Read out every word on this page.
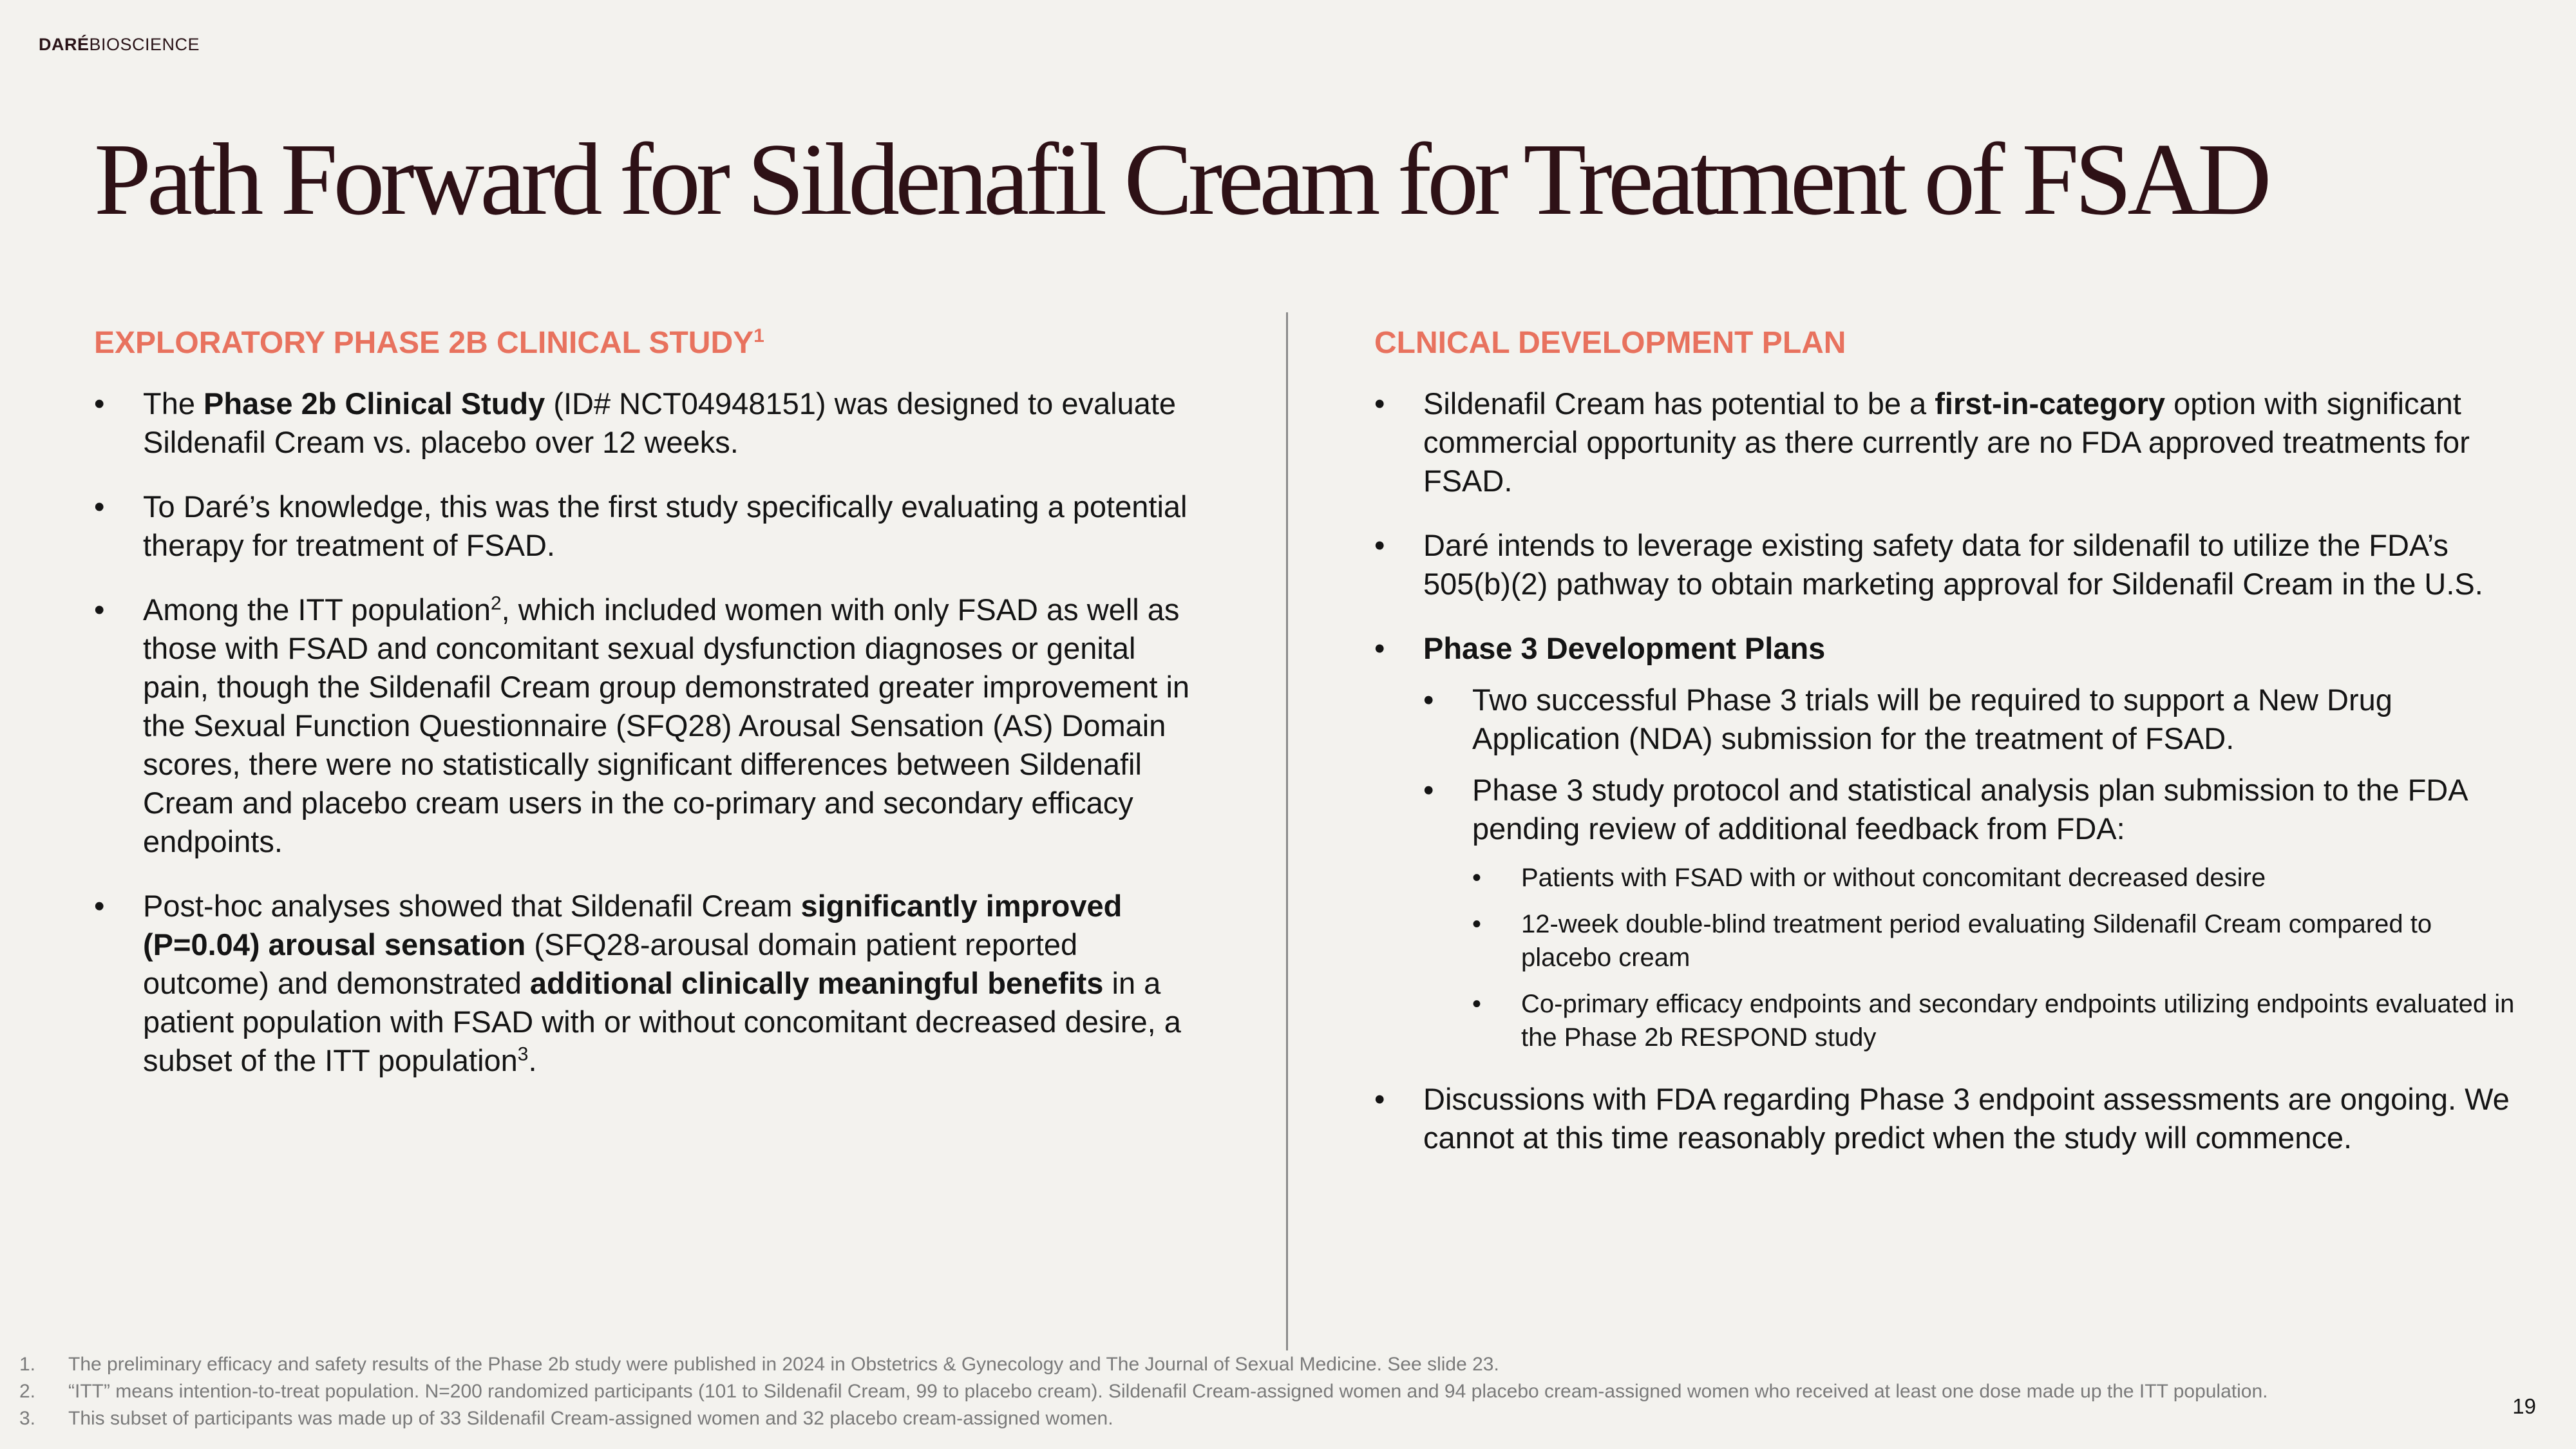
DARÉBIOSCIENCE
Path Forward for Sildenafil Cream for Treatment of FSAD
EXPLORATORY PHASE 2B CLINICAL STUDY$^1$
• The Phase 2b Clinical Study (ID# NCT04948151) was designed to evaluate Sildenafil Cream vs. placebo over 12 weeks.
• To Daré’s knowledge, this was the first study specifically evaluating a potential therapy for treatment of FSAD.
• Among the ITT population$^2$, which included women with only FSAD as well as those with FSAD and concomitant sexual dysfunction diagnoses or genital pain, though the Sildenafil Cream group demonstrated greater improvement in the Sexual Function Questionnaire (SFQ28) Arousal Sensation (AS) Domain scores, there were no statistically significant differences between Sildenafil Cream and placebo cream users in the co-primary and secondary efficacy endpoints.
• Post-hoc analyses showed that Sildenafil Cream significantly improved (P=0.04) arousal sensation (SFQ28-arousal domain patient reported outcome) and demonstrated additional clinically meaningful benefits in a patient population with FSAD with or without concomitant decreased desire, a subset of the ITT population$^3$.
CLNICAL DEVELOPMENT PLAN
• Sildenafil Cream has potential to be a first-in-category option with significant commercial opportunity as there currently are no FDA approved treatments for FSAD.
• Daré intends to leverage existing safety data for sildenafil to utilize the FDA’s 505(b)(2) pathway to obtain marketing approval for Sildenafil Cream in the U.S.
• Phase 3 Development Plans
• Two successful Phase 3 trials will be required to support a New Drug Application (NDA) submission for the treatment of FSAD.
• Phase 3 study protocol and statistical analysis plan submission to the FDA pending review of additional feedback from FDA:
• Patients with FSAD with or without concomitant decreased desire
• 12-week double-blind treatment period evaluating Sildenafil Cream compared to placebo cream
• Co-primary efficacy endpoints and secondary endpoints utilizing endpoints evaluated in the Phase 2b RESPOND study
• Discussions with FDA regarding Phase 3 endpoint assessments are ongoing. We cannot at this time reasonably predict when the study will commence.
1.	The preliminary efficacy and safety results of the Phase 2b study were published in 2024 in Obstetrics & Gynecology and The Journal of Sexual Medicine. See slide 23.
2.	“ITT” means intention-to-treat population. N=200 randomized participants (101 to Sildenafil Cream, 99 to placebo cream). Sildenafil Cream-assigned women and 94 placebo cream-assigned women who received at least one dose made up the ITT population.
3.	This subset of participants was made up of 33 Sildenafil Cream-assigned women and 32 placebo cream-assigned women.
19
